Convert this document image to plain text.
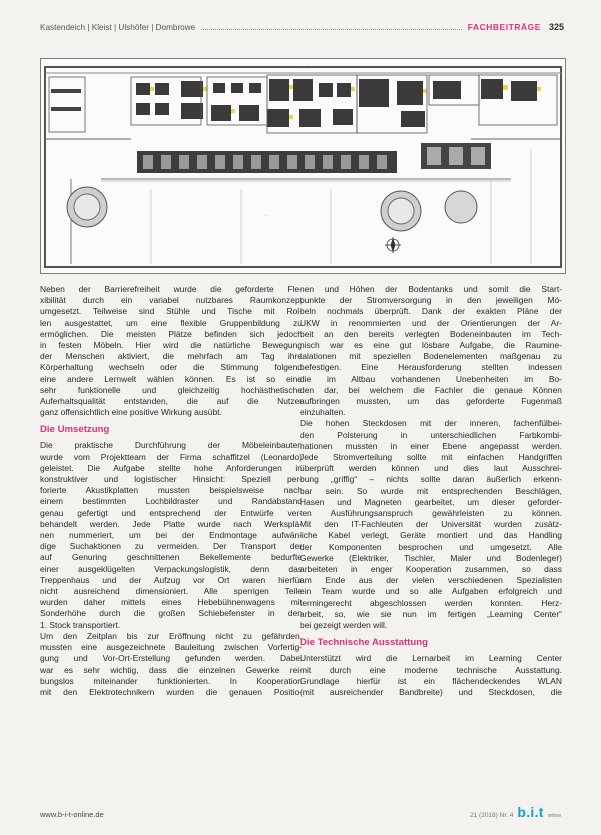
Kastendeich | Kleist | Ulshöfer | Dombrowe	FACHBEITRÄGE 325
· · ·
· · · ·
Neben der Barrierefreiheit wurde die geforderte Fle-
xibilität durch ein variabel nutzbares Raumkonzept
umgesetzt. Teilweise sind Stühle und Tische mit Rol-
len ausgestattet, um eine flexible Gruppenbildung zu
ermöglichen. Die meisten Plätze befinden sich jedoch
in festen Möbeln. Hier wird die natürliche Bewegung
der Menschen aktiviert, die mehrfach am Tag ihre
Körperhaltung wechseln oder die Stimmung folgend
eine andere Lernwelt wählen können. Es ist so eine
sehr funktionelle und gleichzeitig hochästhetische
Auferhaltsqualität entstanden, die auf die Nutzer
ganz offensichtlich eine positive Wirkung ausübt.
Die Umsetzung
Die praktische Durchführung der Möbeleinbauten
wurde vom Projektteam der Firma schaffitzel (Leonardo)
geleistet. Die Aufgabe stellte hohe Anforderungen in
konstruktiver und logistischer Hinsicht: Speziell per-
forierte Akustikplatten mussten beispielsweise nach
einem bestimmten Lochbildraster und Randabstand
genau gefertigt und entsprechend der Entwürfe ver-
behandelt werden. Jede Platte wurde nach Werksplä-
nen nummeriert, um bei der Endmontage aufwän-
dige Suchaktionen zu vermeiden. Der Transport der
auf Genuring geschnittenen Bekellemente bedurfte
einer ausgeklügelten Verpackungslogistik, denn das
Treppenhaus und der Aufzug vor Ort waren hierfür
nicht ausreichend dimensioniert. Alle sperrigen Teile
wurden daher mittels eines Hebebühnenwagens mit
Sonderhöhe durch die großen Schiebefenster in den
1. Stock transportiert.
Um den Zeitplan bis zur Eröffnung nicht zu gefährden,
mussten eine ausgezeichnete Bauleitung zwischen Vorfertig-
gung und Vor-Ort-Erstellung gefunden werden. Dabei
war es sehr wichtig, dass die einzelnen Gewerke rei-
bungslos miteinander funktionierten. In Kooperation
mit den Elektrotechnikern wurden die genauen Positio-
nen und Höhen der Bodentanks und somit die Start-
punkte der Stromversorgung in den jeweiligen Mö-
beln nochmals überprüft. Dank der exakten Pläne der
UKW in renommierten und der Orientierungen der Ar-
beit an den bereits verlegten Bodeneinbauten im Tech-
nisch war es eine gut lösbare Aufgabe, die Raumine-
talationen mit speziellen Bodenelementen maßgenau zu
befestigen. Eine Herausforderung stellten indessen
die im Altbau vorhandenen Unebenheiten im Bo-
den dar, bei welchem die Fachler die genaue Können
aufbringen mussten, um das geforderte Fugenmaß
einzuhalten.
Die hohen Steckdosen mit der inneren, fachenfülbei-
den Polsterung in unterschiedlichen Farbkombi-
nationen mussten in einer Ebene angepasst werden.
Jede Stromverteilung sollte mit einfachen Handgriffen
überprüft werden können und dies laut Ausschrei-
bung „griffig“ – nichts sollte daran äußerlich erkenn-
bar sein. So wurde mit entsprechenden Beschlägen,
Hasen und Magneten gearbeitet, um dieser geforder-
ten Ausführungsanspruch gewährleisten zu können.
Mit den IT-Fachleuten der Universität wurden zusätz-
liche Kabel verlegt, Geräte montiert und das Handling
der Komponenten besprochen und umgesetzt. Alle
Gewerke (Elektriker, Tischler, Maler und Bodenleger)
arbeiteten in enger Kooperation zusammen, so dass
am Ende aus der vielen verschiedenen Spezialisten
ein Team wurde und so alle Aufgaben erfolgreich und
termingerecht abgeschlossen werden konnten. Herz-
arbeit, so, wie sie nun im fertigen „Learning Center“
bei gezeigt werden will.
Die Technische Ausstattung
Unterstützt wird die Lernarbeit im Learning Center
mit durch eine moderne technische Ausstattung.
Grundlage hierfür ist ein flächendeckendes WLAN
(mit ausreichender Bandbreite) und Steckdosen, die
www.b-i-t-online.de	21 (2018) Nr. 4 b.i.t online
